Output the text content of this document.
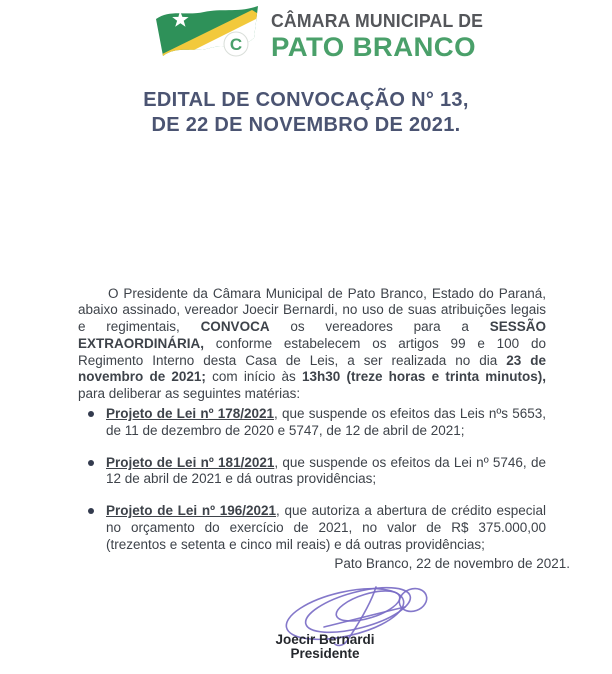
C
CÂMARA MUNICIPAL DE
PATO BRANCO
EDITAL DE CONVOCAÇÃO N° 13,
DE 22 DE NOVEMBRO DE 2021.

O Presidente da Câmara Municipal de Pato Branco, Estado do Paraná, abaixo assinado, vereador Joecir Bernardi, no uso de suas atribuições legais e regimentais, CONVOCA os vereadores para a SESSÃO EXTRAORDINÁRIA, conforme estabelecem os artigos 99 e 100 do Regimento Interno desta Casa de Leis, a ser realizada no dia 23 de novembro de 2021; com início às 13h30 (treze horas e trinta minutos), para deliberar as seguintes matérias:

Projeto de Lei nº 178/2021, que suspende os efeitos das Leis nºs 5653, de 11 de dezembro de 2020 e 5747, de 12 de abril de 2021;
Projeto de Lei nº 181/2021, que suspende os efeitos da Lei nº 5746, de 12 de abril de 2021 e dá outras providências;
Projeto de Lei nº 196/2021, que autoriza a abertura de crédito especial no orçamento do exercício de 2021, no valor de R$ 375.000,00 (trezentos e setenta e cinco mil reais) e dá outras providências;
Pato Branco, 22 de novembro de 2021.
Joecir Bernardi
Presidente
